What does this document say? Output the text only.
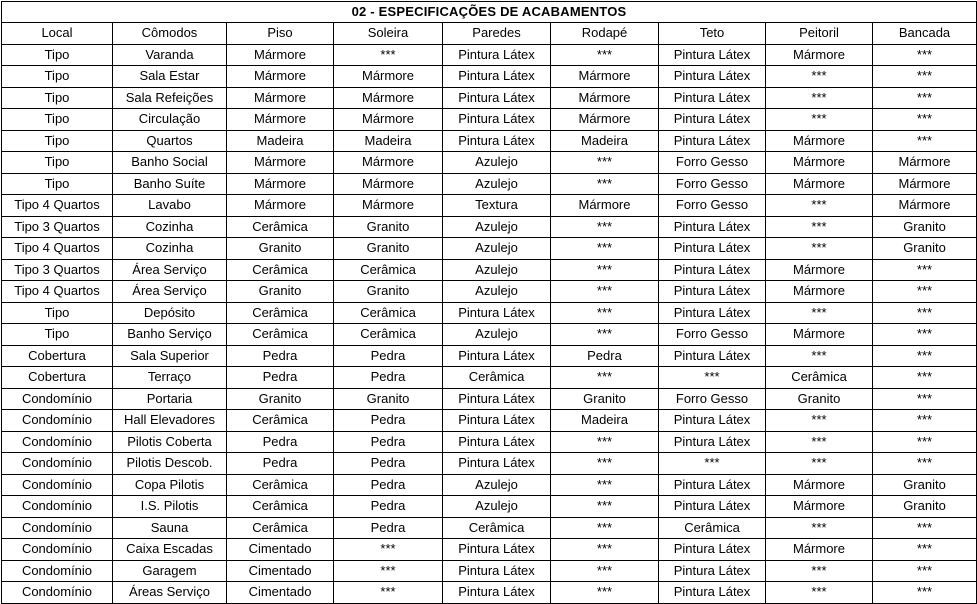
02 - ESPECIFICAÇÕES DE ACABAMENTOS								
Local	Cômodos	Piso	Soleira	Paredes	Rodapé	Teto	Peitoril	Bancada
Tipo	Varanda	Mármore	***	Pintura Látex	***	Pintura Látex	Mármore	***
Tipo	Sala Estar	Mármore	Mármore	Pintura Látex	Mármore	Pintura Látex	***	***
Tipo	Sala Refeições	Mármore	Mármore	Pintura Látex	Mármore	Pintura Látex	***	***
Tipo	Circulação	Mármore	Mármore	Pintura Látex	Mármore	Pintura Látex	***	***
Tipo	Quartos	Madeira	Madeira	Pintura Látex	Madeira	Pintura Látex	Mármore	***
Tipo	Banho Social	Mármore	Mármore	Azulejo	***	Forro Gesso	Mármore	Mármore
Tipo	Banho Suíte	Mármore	Mármore	Azulejo	***	Forro Gesso	Mármore	Mármore
Tipo 4 Quartos	Lavabo	Mármore	Mármore	Textura	Mármore	Forro Gesso	***	Mármore
Tipo 3 Quartos	Cozinha	Cerâmica	Granito	Azulejo	***	Pintura Látex	***	Granito
Tipo 4 Quartos	Cozinha	Granito	Granito	Azulejo	***	Pintura Látex	***	Granito
Tipo 3 Quartos	Área Serviço	Cerâmica	Cerâmica	Azulejo	***	Pintura Látex	Mármore	***
Tipo 4 Quartos	Área Serviço	Granito	Granito	Azulejo	***	Pintura Látex	Mármore	***
Tipo	Depósito	Cerâmica	Cerâmica	Pintura Látex	***	Pintura Látex	***	***
Tipo	Banho Serviço	Cerâmica	Cerâmica	Azulejo	***	Forro Gesso	Mármore	***
Cobertura	Sala Superior	Pedra	Pedra	Pintura Látex	Pedra	Pintura Látex	***	***
Cobertura	Terraço	Pedra	Pedra	Cerâmica	***	***	Cerâmica	***
Condomínio	Portaria	Granito	Granito	Pintura Látex	Granito	Forro Gesso	Granito	***
Condomínio	Hall Elevadores	Cerâmica	Pedra	Pintura Látex	Madeira	Pintura Látex	***	***
Condomínio	Pilotis Coberta	Pedra	Pedra	Pintura Látex	***	Pintura Látex	***	***
Condomínio	Pilotis Descob.	Pedra	Pedra	Pintura Látex	***	***	***	***
Condomínio	Copa Pilotis	Cerâmica	Pedra	Azulejo	***	Pintura Látex	Mármore	Granito
Condomínio	I.S. Pilotis	Cerâmica	Pedra	Azulejo	***	Pintura Látex	Mármore	Granito
Condomínio	Sauna	Cerâmica	Pedra	Cerâmica	***	Cerâmica	***	***
Condomínio	Caixa Escadas	Cimentado	***	Pintura Látex	***	Pintura Látex	Mármore	***
Condomínio	Garagem	Cimentado	***	Pintura Látex	***	Pintura Látex	***	***
Condomínio	Áreas Serviço	Cimentado	***	Pintura Látex	***	Pintura Látex	***	***
